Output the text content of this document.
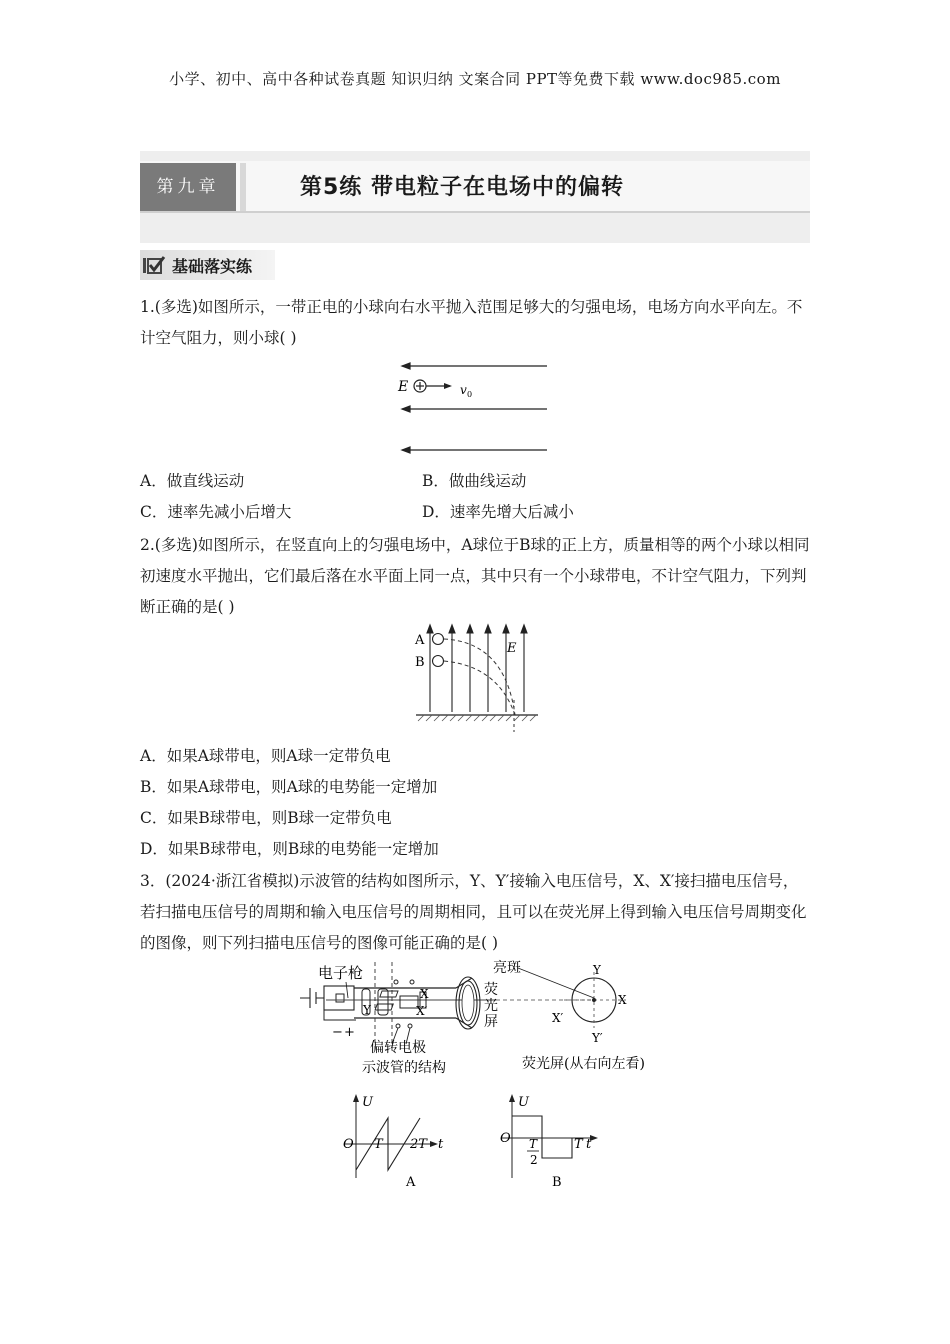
小学、初中、高中各种试卷真题 知识归纳 文案合同 PPT等免费下载 www.doc985.com
第九章	第5练 带电粒子在电场中的偏转
基础落实练
1.(多选)如图所示，一带正电的小球向右水平抛入范围足够大的匀强电场，电场方向水平向左。不计空气阻力，则小球( )
E	v 0
A．做直线运动	B．做曲线运动
C．速率先减小后增大	D．速率先增大后减小
2.(多选)如图所示，在竖直向上的匀强电场中，A球位于B球的正上方，质量相等的两个小球以相同初速度水平抛出，它们最后落在水平面上同一点，其中只有一个小球带电，不计空气阻力，下列判断正确的是( )
A
B
E
A．如果A球带电，则A球一定带负电
B．如果A球带电，则A球的电势能一定增加
C．如果B球带电，则B球一定带负电
D．如果B球带电，则B球的电势能一定增加
3．(2024·浙江省模拟)示波管的结构如图所示，Y、Y′接输入电压信号，X、X′接扫描电压信号，若扫描电压信号的周期和输入电压信号的周期相同，且可以在荧光屏上得到输入电压信号周期变化的图像，则下列扫描电压信号的图像可能正确的是( )
电子枪
− +
Y
X
X′
偏转电极
示波管的结构
荧
光
屏
亮斑	Y
Y′
X
X′
荧光屏(从右向左看)
U
O T 2T t
A
U
O T
2
T t
B
